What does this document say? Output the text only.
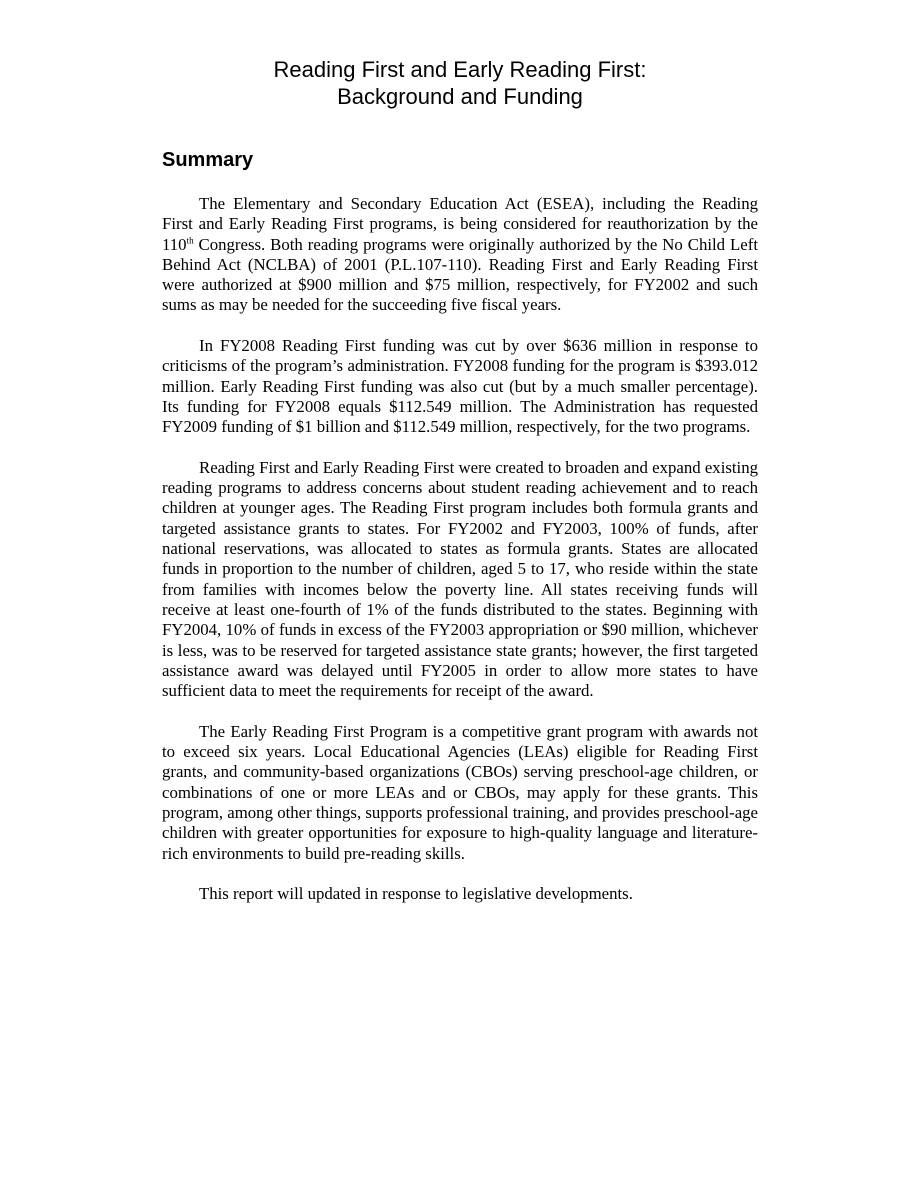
Reading First and Early Reading First:
Background and Funding
Summary

The Elementary and Secondary Education Act (ESEA), including the Reading First and Early Reading First programs, is being considered for reauthorization by the 110th Congress. Both reading programs were originally authorized by the No Child Left Behind Act (NCLBA) of 2001 (P.L.107-110). Reading First and Early Reading First were authorized at $900 million and $75 million, respectively, for FY2002 and such sums as may be needed for the succeeding five fiscal years.

In FY2008 Reading First funding was cut by over $636 million in response to criticisms of the program’s administration. FY2008 funding for the program is $393.012 million. Early Reading First funding was also cut (but by a much smaller percentage). Its funding for FY2008 equals $112.549 million. The Administration has requested FY2009 funding of $1 billion and $112.549 million, respectively, for the two programs.

Reading First and Early Reading First were created to broaden and expand existing reading programs to address concerns about student reading achievement and to reach children at younger ages. The Reading First program includes both formula grants and targeted assistance grants to states. For FY2002 and FY2003, 100% of funds, after national reservations, was allocated to states as formula grants. States are allocated funds in proportion to the number of children, aged 5 to 17, who reside within the state from families with incomes below the poverty line. All states receiving funds will receive at least one-fourth of 1% of the funds distributed to the states. Beginning with FY2004, 10% of funds in excess of the FY2003 appropriation or $90 million, whichever is less, was to be reserved for targeted assistance state grants; however, the first targeted assistance award was delayed until FY2005 in order to allow more states to have sufficient data to meet the requirements for receipt of the award.

The Early Reading First Program is a competitive grant program with awards not to exceed six years. Local Educational Agencies (LEAs) eligible for Reading First grants, and community-based organizations (CBOs) serving preschool-age children, or combinations of one or more LEAs and or CBOs, may apply for these grants. This program, among other things, supports professional training, and provides preschool-age children with greater opportunities for exposure to high-quality language and literature-rich environments to build pre-reading skills.

This report will updated in response to legislative developments.
